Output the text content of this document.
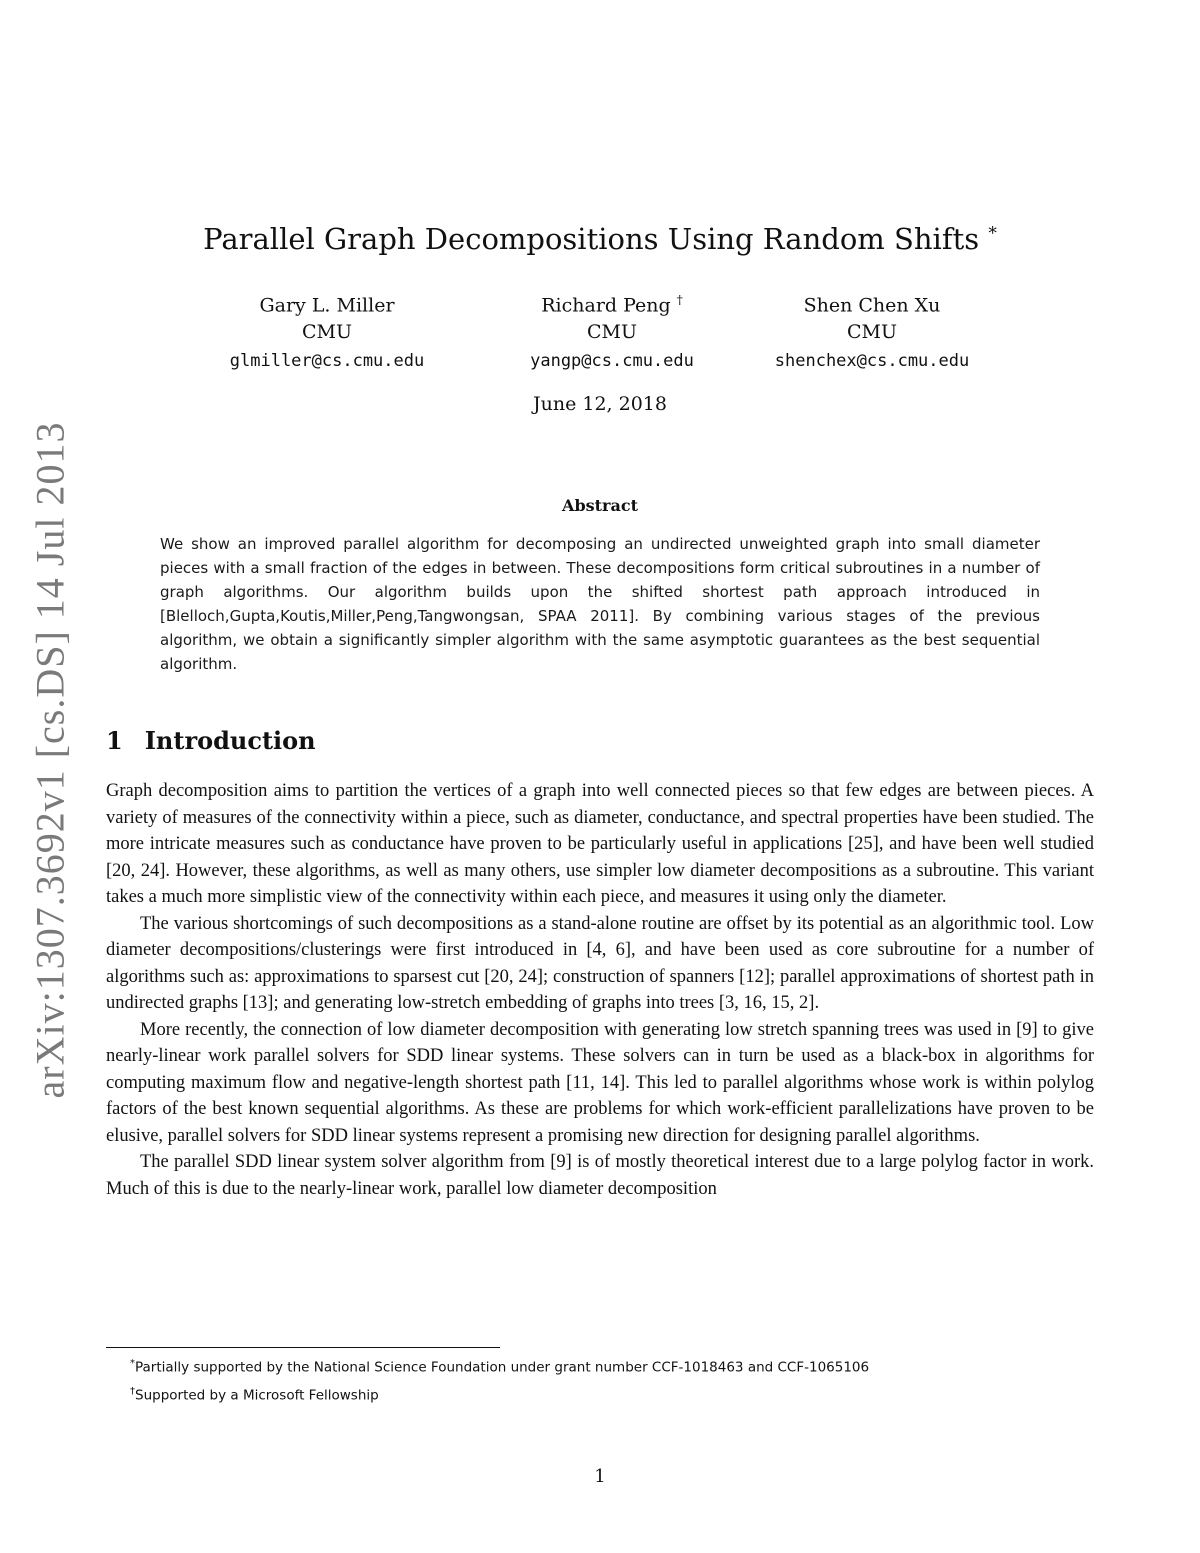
arXiv:1307.3692v1 [cs.DS] 14 Jul 2013
Parallel Graph Decompositions Using Random Shifts *
Gary L. Miller
CMU
glmiller@cs.cmu.edu
Richard Peng †
CMU
yangp@cs.cmu.edu
Shen Chen Xu
CMU
shenchex@cs.cmu.edu
June 12, 2018
Abstract
We show an improved parallel algorithm for decomposing an undirected unweighted graph into small diameter pieces with a small fraction of the edges in between. These decompositions form critical subroutines in a number of graph algorithms. Our algorithm builds upon the shifted shortest path approach introduced in [Blelloch,Gupta,Koutis,Miller,Peng,Tangwongsan, SPAA 2011]. By combining various stages of the previous algorithm, we obtain a significantly simpler algorithm with the same asymptotic guarantees as the best sequential algorithm.
1 Introduction

Graph decomposition aims to partition the vertices of a graph into well connected pieces so that few edges are between pieces. A variety of measures of the connectivity within a piece, such as diameter, conductance, and spectral properties have been studied. The more intricate measures such as conductance have proven to be particularly useful in applications [25], and have been well studied [20, 24]. However, these algorithms, as well as many others, use simpler low diameter decompositions as a subroutine. This variant takes a much more simplistic view of the connectivity within each piece, and measures it using only the diameter.

The various shortcomings of such decompositions as a stand-alone routine are offset by its potential as an algorithmic tool. Low diameter decompositions/clusterings were first introduced in [4, 6], and have been used as core subroutine for a number of algorithms such as: approximations to sparsest cut [20, 24]; construction of spanners [12]; parallel approximations of shortest path in undirected graphs [13]; and generating low-stretch embedding of graphs into trees [3, 16, 15, 2].

More recently, the connection of low diameter decomposition with generating low stretch spanning trees was used in [9] to give nearly-linear work parallel solvers for SDD linear systems. These solvers can in turn be used as a black-box in algorithms for computing maximum flow and negative-length shortest path [11, 14]. This led to parallel algorithms whose work is within polylog factors of the best known sequential algorithms. As these are problems for which work-efficient parallelizations have proven to be elusive, parallel solvers for SDD linear systems represent a promising new direction for designing parallel algorithms.

The parallel SDD linear system solver algorithm from [9] is of mostly theoretical interest due to a large polylog factor in work. Much of this is due to the nearly-linear work, parallel low diameter decomposition

*Partially supported by the National Science Foundation under grant number CCF-1018463 and CCF-1065106
†Supported by a Microsoft Fellowship
1
